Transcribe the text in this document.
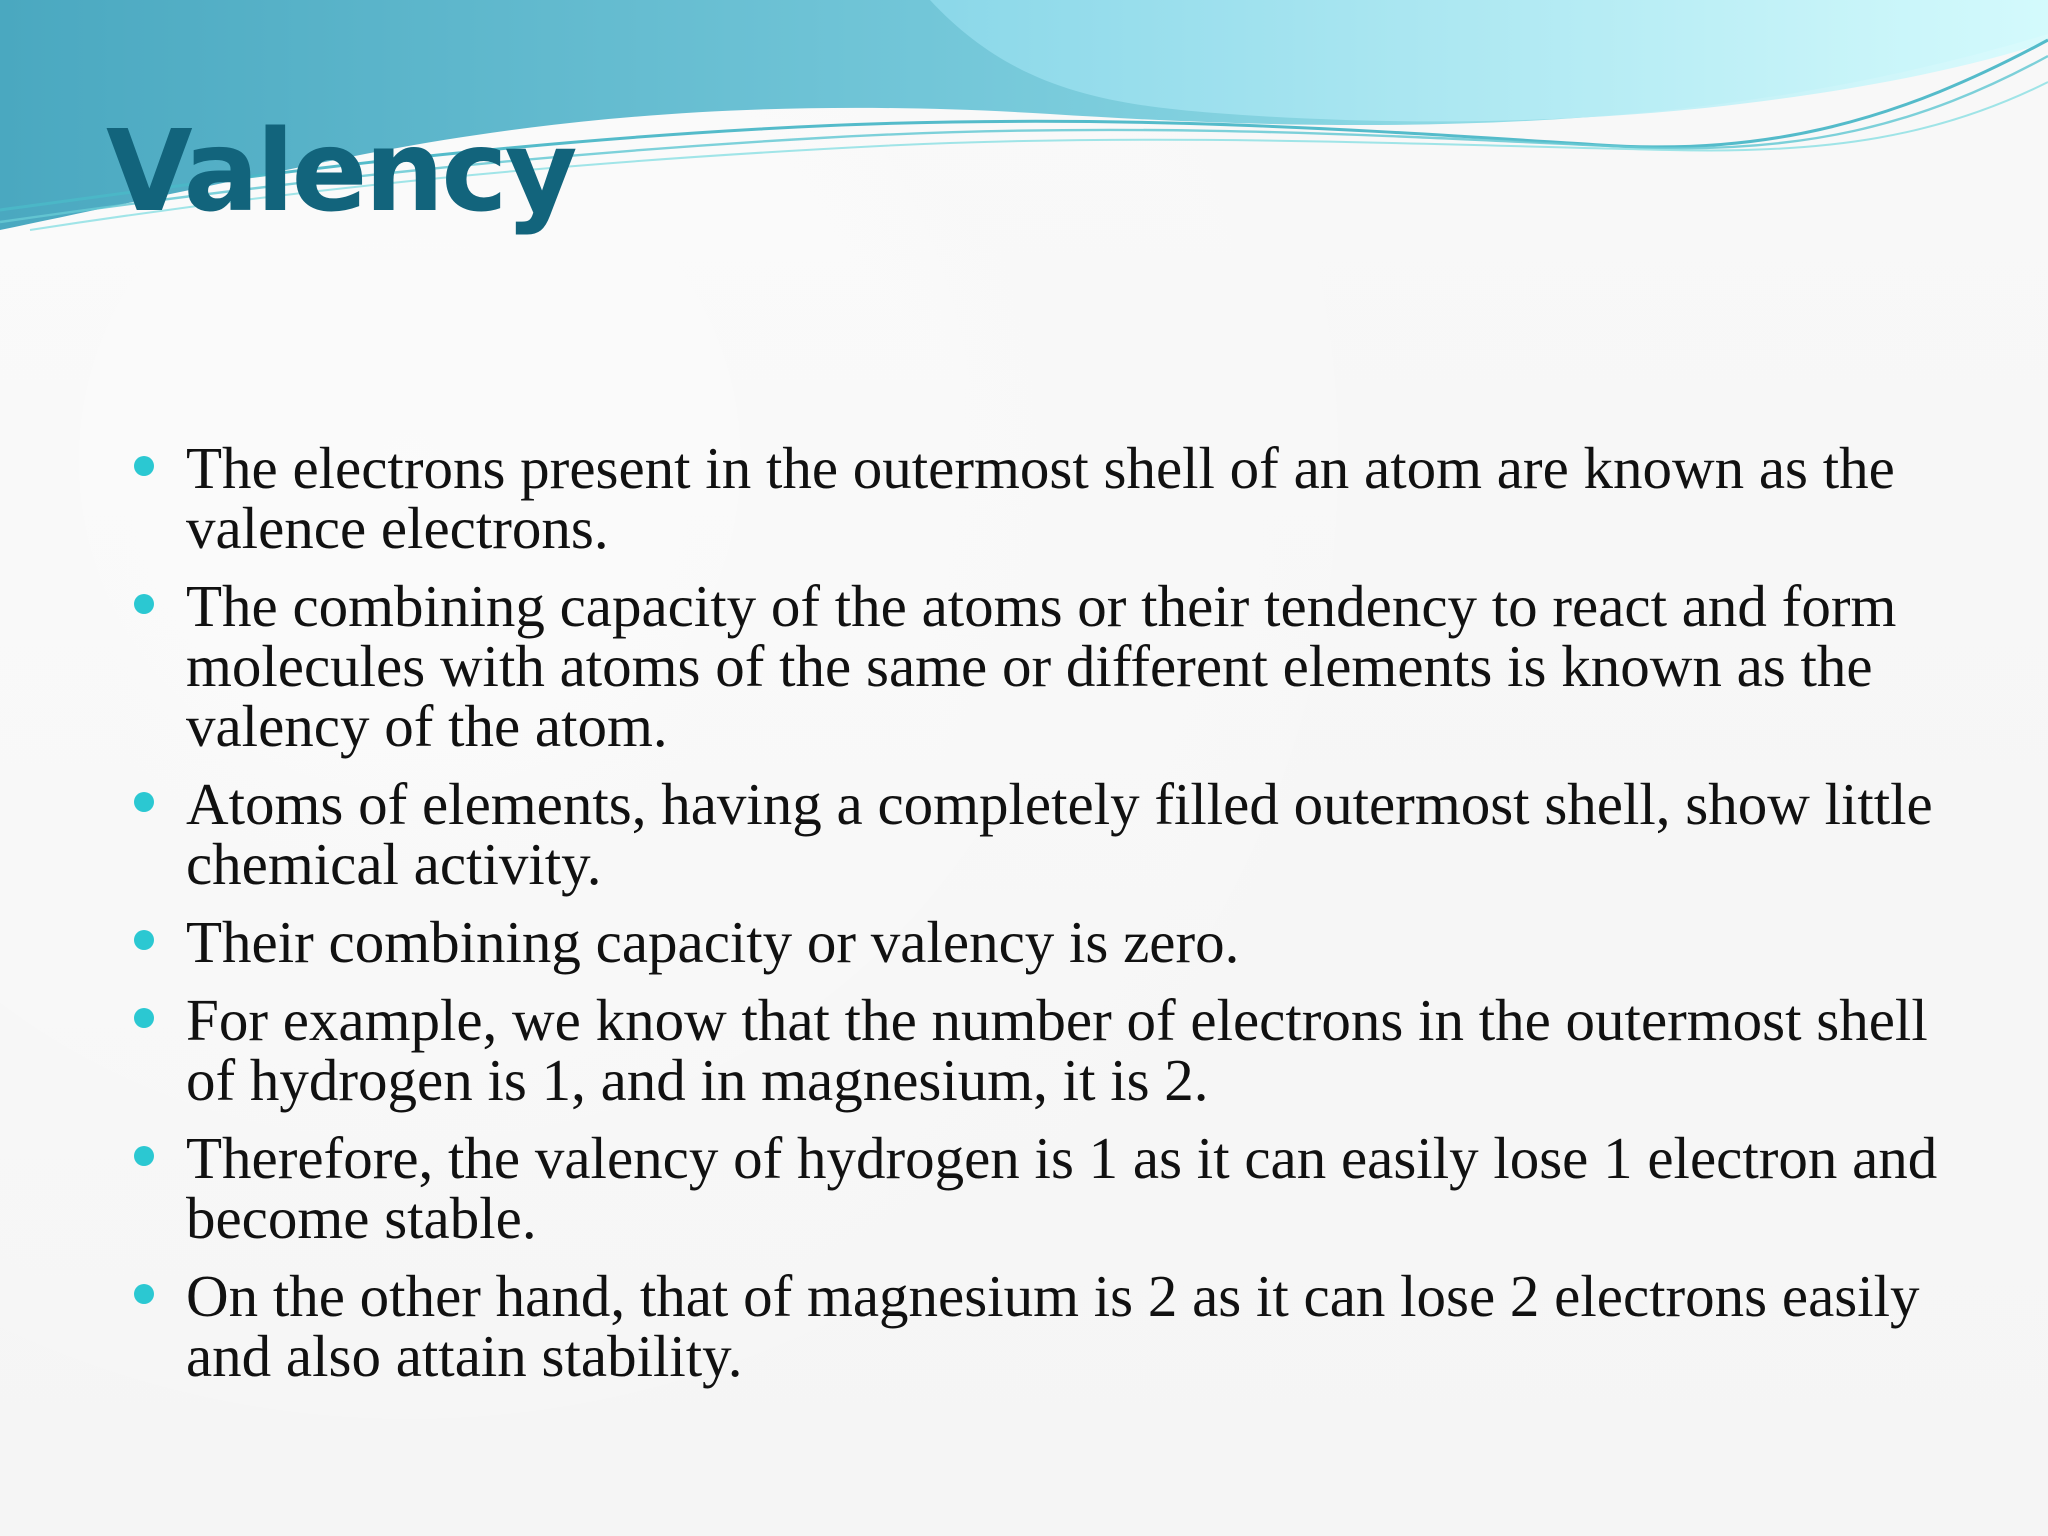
Valency
The electrons present in the outermost shell of an atom are known as the valence electrons.
The combining capacity of the atoms or their tendency to react and form molecules with atoms of the same or different elements is known as the valency of the atom.
Atoms of elements, having a completely filled outermost shell, show little chemical activity.
Their combining capacity or valency is zero.
For example, we know that the number of electrons in the outermost shell of hydrogen is 1, and in magnesium, it is 2.
Therefore, the valency of hydrogen is 1 as it can easily lose 1 electron and become stable.
On the other hand, that of magnesium is 2 as it can lose 2 electrons easily and also attain stability.
